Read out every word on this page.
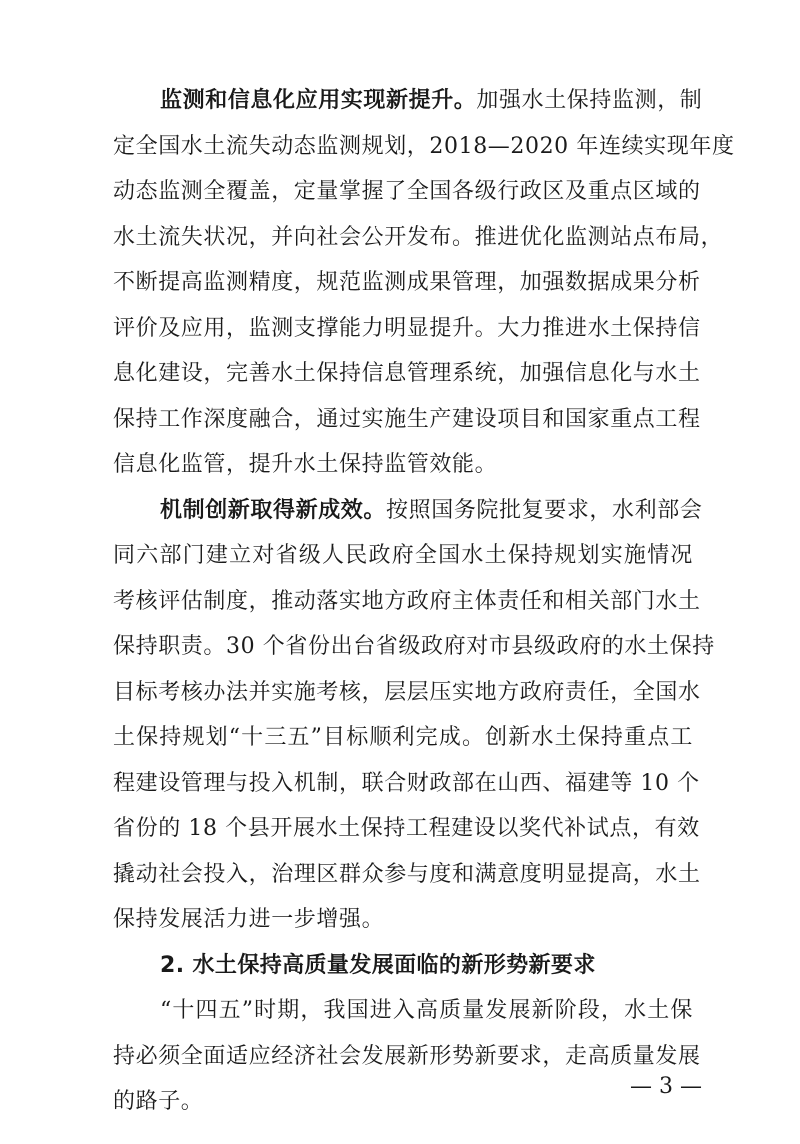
监测和信息化应用实现新提升。加强水土保持监测，制
定全国水土流失动态监测规划，2018—2020 年连续实现年度
动态监测全覆盖，定量掌握了全国各级行政区及重点区域的
水土流失状况，并向社会公开发布。推进优化监测站点布局，
不断提高监测精度，规范监测成果管理，加强数据成果分析
评价及应用，监测支撑能力明显提升。大力推进水土保持信
息化建设，完善水土保持信息管理系统，加强信息化与水土
保持工作深度融合，通过实施生产建设项目和国家重点工程
信息化监管，提升水土保持监管效能。
机制创新取得新成效。按照国务院批复要求，水利部会
同六部门建立对省级人民政府全国水土保持规划实施情况
考核评估制度，推动落实地方政府主体责任和相关部门水土
保持职责。30 个省份出台省级政府对市县级政府的水土保持
目标考核办法并实施考核，层层压实地方政府责任，全国水
土保持规划“十三五”目标顺利完成。创新水土保持重点工
程建设管理与投入机制，联合财政部在山西、福建等 10 个
省份的 18 个县开展水土保持工程建设以奖代补试点，有效
撬动社会投入，治理区群众参与度和满意度明显提高，水土
保持发展活力进一步增强。
2. 水土保持高质量发展面临的新形势新要求
“十四五”时期，我国进入高质量发展新阶段，水土保
持必须全面适应经济社会发展新形势新要求，走高质量发展
的路子。
— 3 —
